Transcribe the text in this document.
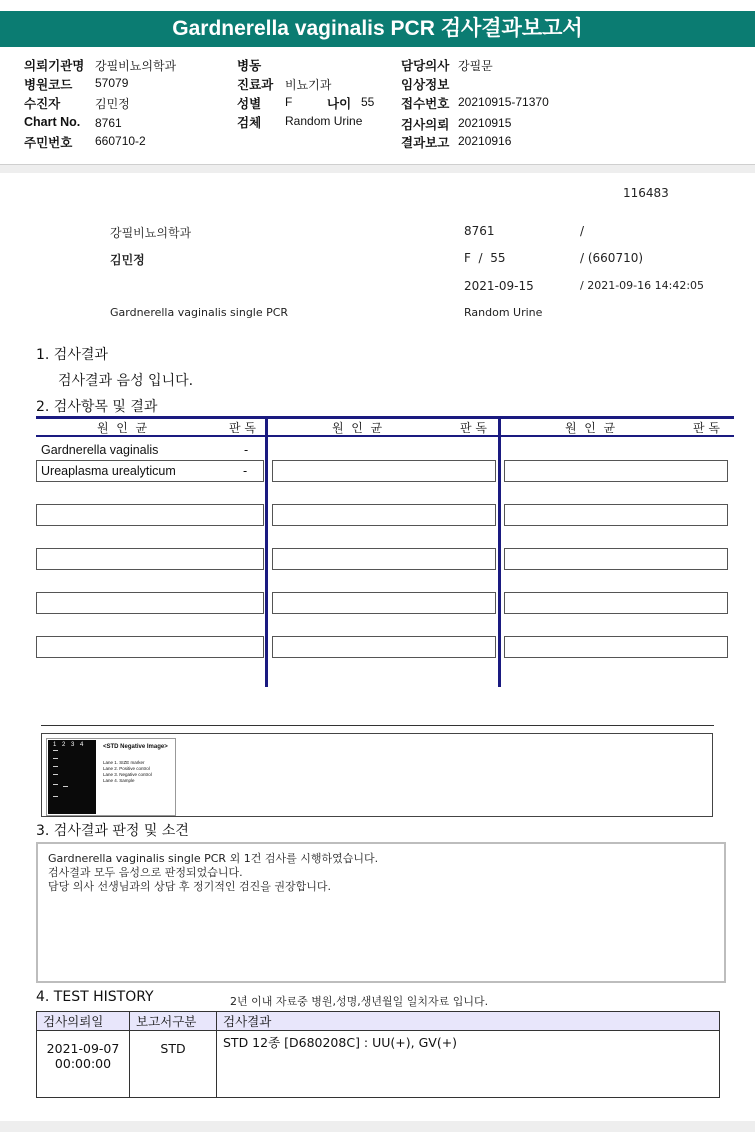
Gardnerella vaginalis PCR 검사결과보고서
의뢰기관명 강필비뇨의학과	병동	담당의사 강필문
병원코드 57079	진료과 비뇨기과	임상정보
수진자	김민정	성별 F	나이 55 접수번호 20210915-71370
Chart No. 8761	검체 Random Urine	검사의뢰 20210915
주민번호 660710-2	결과보고 20210916
116483
강필비뇨의학과	8761	/
김민정	F  /  55	/ (660710)
2021-09-15	/ 2021-09-16 14:42:05
Gardnerella vaginalis single PCR	Random Urine
1. 검사결과
검사결과 음성 입니다.
2. 검사항목 및 결과
원  인  균	판 독	원  인  균	판 독	원  인  균	판 독
Gardnerella vaginalis	-
Ureaplasma urealyticum	-
1 2 3 4	<STD Negative Image>
Lane 1. SIZE marker
Lane 2. Positive control
Lane 3. Negative control
Lane 4. Sample
3. 검사결과 판정 및 소견
Gardnerella vaginalis single PCR 외 1건 검사를 시행하였습니다.
검사결과 모두 음성으로 판정되었습니다.
담당 의사 선생님과의 상담 후 정기적인 검진을 권장합니다.
4. TEST HISTORY	2년 이내 자료중 병원,성명,생년월일 일치자료 입니다.
검사의뢰일	보고서구분	검사결과

2021-09-07
00:00:00	STD	STD 12종 [D680208C] : UU(+), GV(+)
